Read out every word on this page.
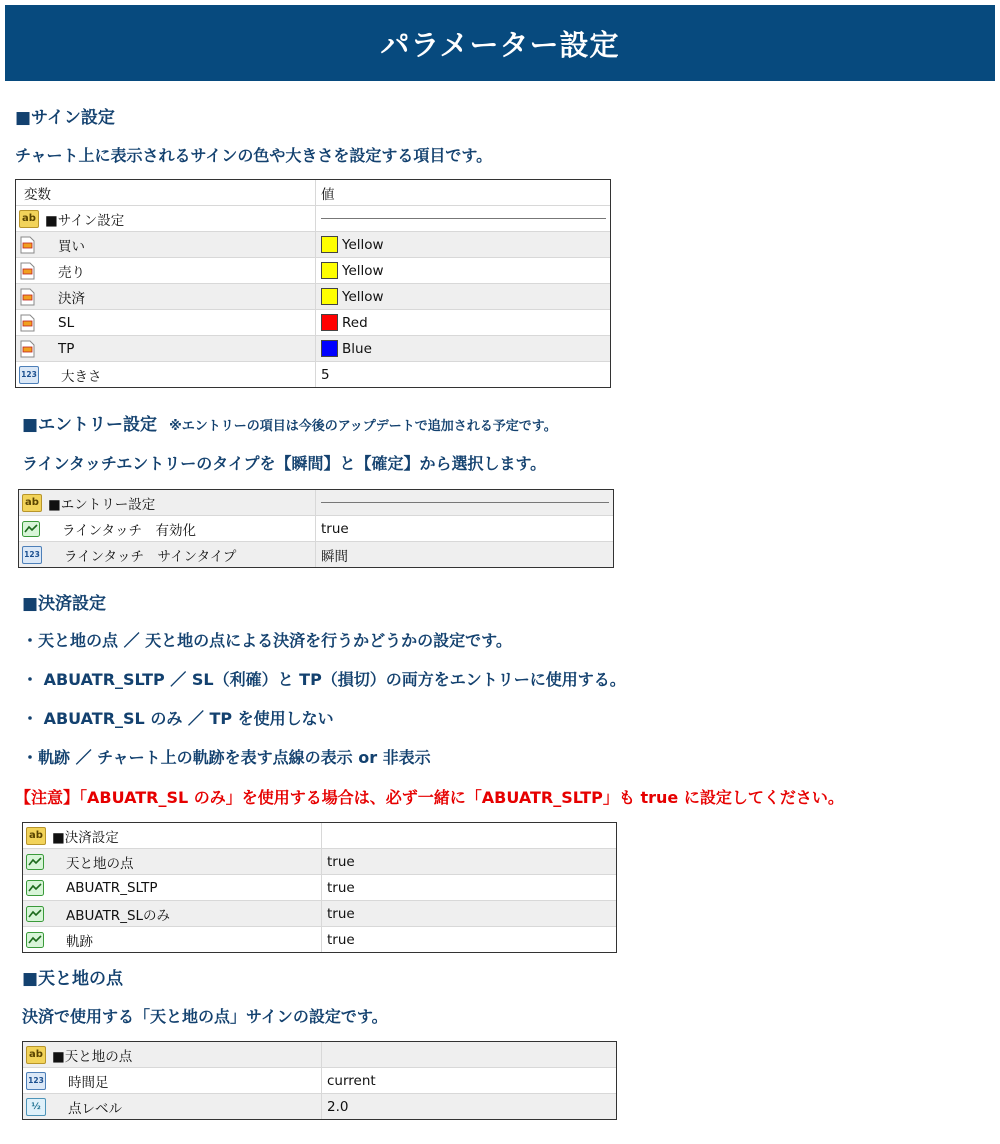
パラメーター設定
■サイン設定
チャート上に表示されるサインの色や大きさを設定する項目です。
変数	値
ab ■サイン設定
買い	Yellow
売り	Yellow
決済	Yellow
SL	Red
TP	Blue
123 大きさ	5
■エントリー設定 ※エントリーの項目は今後のアップデートで追加される予定です。
ラインタッチエントリーのタイプを【瞬間】と【確定】から選択します。
ab ■エントリー設定
ラインタッチ　有効化	true
123 ラインタッチ　サインタイプ	瞬間
■決済設定
・天と地の点 ／ 天と地の点による決済を行うかどうかの設定です。
・ ABUATR_SLTP ／ SL（利確）と TP（損切）の両方をエントリーに使用する。
・ ABUATR_SL のみ ／ TP を使用しない
・軌跡 ／ チャート上の軌跡を表す点線の表示 or 非表示
【注意】「ABUATR_SL のみ」を使用する場合は、必ず一緒に「ABUATR_SLTP」も true に設定してください。
ab ■決済設定
天と地の点	true
ABUATR_SLTP	true
ABUATR_SLのみ	true
軌跡	true
■天と地の点
決済で使用する「天と地の点」サインの設定です。
ab ■天と地の点
123 時間足	current
½	点レベル	2.0
